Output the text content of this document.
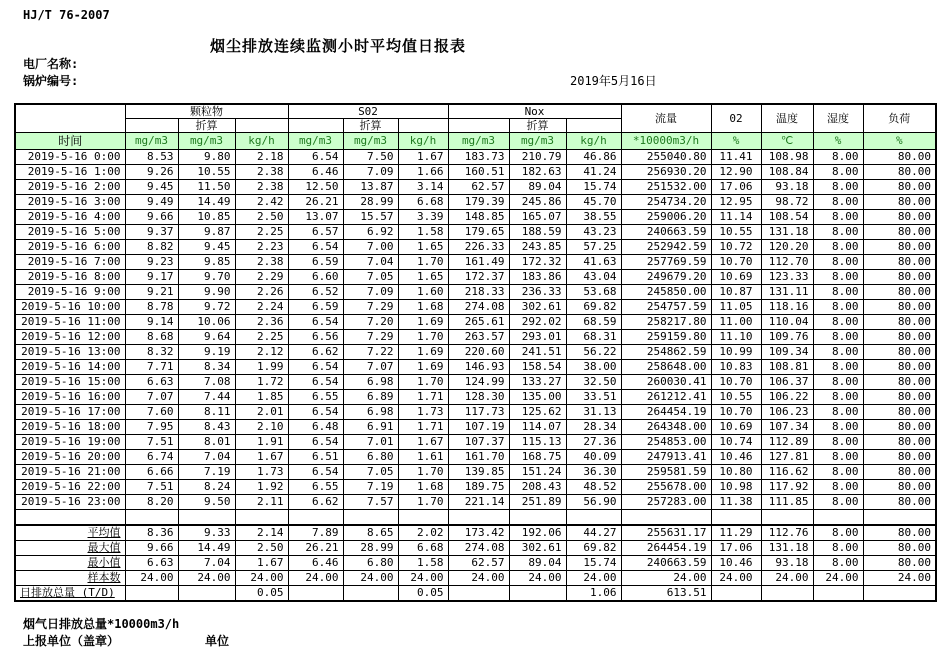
HJ/T 76-2007
烟尘排放连续监测小时平均值日报表
电厂名称:
锅炉编号:	2019年5月16日
	颗粒物			S02			Nox			流量	02	温度	湿度	负荷
		折算			折算			折算						
时间	mg/m3	mg/m3	kg/h	mg/m3	mg/m3	kg/h	mg/m3	mg/m3	kg/h	*10000m3/h	%	℃	%	%
2019-5-16 0:00	8.53	9.80	2.18	6.54	7.50	1.67	183.73	210.79	46.86	255040.80	11.41	108.98	8.00	80.00
2019-5-16 1:00	9.26	10.55	2.38	6.46	7.09	1.66	160.51	182.63	41.24	256930.20	12.90	108.84	8.00	80.00
2019-5-16 2:00	9.45	11.50	2.38	12.50	13.87	3.14	62.57	89.04	15.74	251532.00	17.06	93.18	8.00	80.00
2019-5-16 3:00	9.49	14.49	2.42	26.21	28.99	6.68	179.39	245.86	45.70	254734.20	12.95	98.72	8.00	80.00
2019-5-16 4:00	9.66	10.85	2.50	13.07	15.57	3.39	148.85	165.07	38.55	259006.20	11.14	108.54	8.00	80.00
2019-5-16 5:00	9.37	9.87	2.25	6.57	6.92	1.58	179.65	188.59	43.23	240663.59	10.55	131.18	8.00	80.00
2019-5-16 6:00	8.82	9.45	2.23	6.54	7.00	1.65	226.33	243.85	57.25	252942.59	10.72	120.20	8.00	80.00
2019-5-16 7:00	9.23	9.85	2.38	6.59	7.04	1.70	161.49	172.32	41.63	257769.59	10.70	112.70	8.00	80.00
2019-5-16 8:00	9.17	9.70	2.29	6.60	7.05	1.65	172.37	183.86	43.04	249679.20	10.69	123.33	8.00	80.00
2019-5-16 9:00	9.21	9.90	2.26	6.52	7.09	1.60	218.33	236.33	53.68	245850.00	10.87	131.11	8.00	80.00
2019-5-16 10:00	8.78	9.72	2.24	6.59	7.29	1.68	274.08	302.61	69.82	254757.59	11.05	118.16	8.00	80.00
2019-5-16 11:00	9.14	10.06	2.36	6.54	7.20	1.69	265.61	292.02	68.59	258217.80	11.00	110.04	8.00	80.00
2019-5-16 12:00	8.68	9.64	2.25	6.56	7.29	1.70	263.57	293.01	68.31	259159.80	11.10	109.76	8.00	80.00
2019-5-16 13:00	8.32	9.19	2.12	6.62	7.22	1.69	220.60	241.51	56.22	254862.59	10.99	109.34	8.00	80.00
2019-5-16 14:00	7.71	8.34	1.99	6.54	7.07	1.69	146.93	158.54	38.00	258648.00	10.83	108.81	8.00	80.00
2019-5-16 15:00	6.63	7.08	1.72	6.54	6.98	1.70	124.99	133.27	32.50	260030.41	10.70	106.37	8.00	80.00
2019-5-16 16:00	7.07	7.44	1.85	6.55	6.89	1.71	128.30	135.00	33.51	261212.41	10.55	106.22	8.00	80.00
2019-5-16 17:00	7.60	8.11	2.01	6.54	6.98	1.73	117.73	125.62	31.13	264454.19	10.70	106.23	8.00	80.00
2019-5-16 18:00	7.95	8.43	2.10	6.48	6.91	1.71	107.19	114.07	28.34	264348.00	10.69	107.34	8.00	80.00
2019-5-16 19:00	7.51	8.01	1.91	6.54	7.01	1.67	107.37	115.13	27.36	254853.00	10.74	112.89	8.00	80.00
2019-5-16 20:00	6.74	7.04	1.67	6.51	6.80	1.61	161.70	168.75	40.09	247913.41	10.46	127.81	8.00	80.00
2019-5-16 21:00	6.66	7.19	1.73	6.54	7.05	1.70	139.85	151.24	36.30	259581.59	10.80	116.62	8.00	80.00
2019-5-16 22:00	7.51	8.24	1.92	6.55	7.19	1.68	189.75	208.43	48.52	255678.00	10.98	117.92	8.00	80.00
2019-5-16 23:00	8.20	9.50	2.11	6.62	7.57	1.70	221.14	251.89	56.90	257283.00	11.38	111.85	8.00	80.00

平均值	8.36	9.33	2.14	7.89	8.65	2.02	173.42	192.06	44.27	255631.17	11.29	112.76	8.00	80.00
最大值	9.66	14.49	2.50	26.21	28.99	6.68	274.08	302.61	69.82	264454.19	17.06	131.18	8.00	80.00
最小值	6.63	7.04	1.67	6.46	6.80	1.58	62.57	89.04	15.74	240663.59	10.46	93.18	8.00	80.00
样本数	24.00	24.00	24.00	24.00	24.00	24.00	24.00	24.00	24.00	24.00	24.00	24.00	24.00	24.00
日排放总量 (T/D)			0.05			0.05			1.06	613.51				
烟气日排放总量*10000m3/h
上报单位（盖章）	单位
